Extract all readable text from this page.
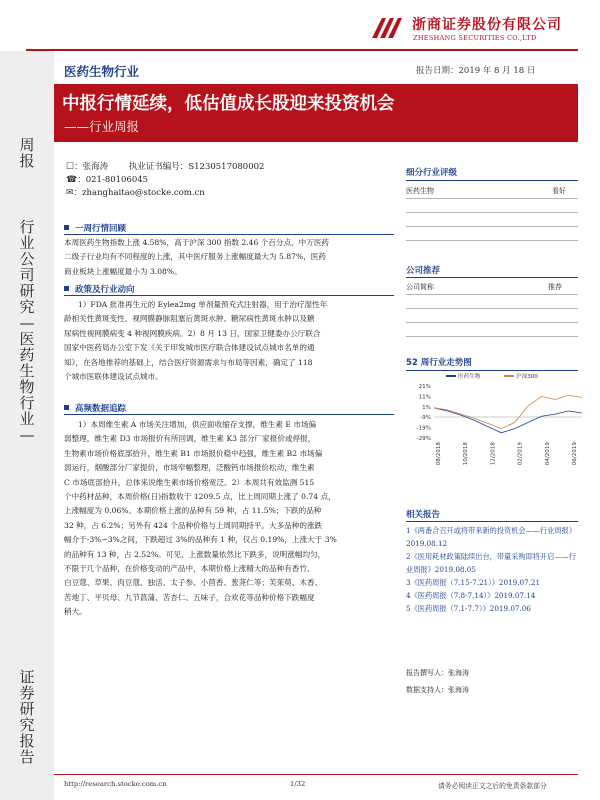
浙商证券股份有限公司
ZHESHANG SECURITIES CO.,LTD
周报
行业公司研究—医药生物行业—
证券研究报告
医药生物行业	报告日期：2019 年 8 月 18 日
中报行情延续，低估值成长股迎来投资机会
——行业周报
☐：张海涛 执业证书编号：S1230517080002
☎：021-80106045
✉：zhanghaitao@stocke.com.cn
一周行情回顾
本周医药生物指数上涨 4.58%，高于沪深 300 指数 2.46 个百分点，中万医药
二级子行业均有不同程度的上涨，其中医疗服务上涨幅度最大为 5.87%，医药
商业板块上涨幅度最小为 3.08%。
政策及行业动向
1）FDA 批准再生元的 Eylea2mg 单剂量预充式注射器，用于治疗湿性年
龄相关性黄斑变性、视网膜静脉阻塞后黄斑水肿、糖尿病性黄斑水肿以及糖
尿病性视网膜病变 4 种视网膜疾病。2）8 月 13 日，国家卫健委办公厅联合
国家中医药局办公室下发《关于印发城市医疗联合体建设试点城市名单的通
知》，在各地推荐的基础上，结合医疗资源需求与布局等因素，确定了 118
个城市医联体建设试点城市。
高频数据追踪
1）本周维生素 A 市场关注增加，供应面收缩存支撑，维生素 E 市场偏
弱整理，维生素 D3 市场报价有所回调，维生素 K3 部分厂家报价或停报，
生物素市场价格底部拾升，维生素 B1 市场报价稳中趋强，维生素 B2 市场偏
弱运行，烟酸部分厂家提价，市场窄幅整理，泛酸钙市场报价松动，维生素
C 市场底部拾升，总体来说维生素市场价格宽泛。2）本周共有效监测 515
个中药材品种，本周价格(日)指数收于 1209.5 点，比上周同期上涨了 0.74 点，
上涨幅度为 0.06%。本期价格上涨的品种有 59 种，占 11.5%；下跌的品种
32 种，占 6.2%；另外有 424 个品种价格与上周同期持平。大多品种的涨跌
幅介于-3%~3%之间，下跌超过 3%的品种有 1 种，仅占 0.19%，上涨大于 3%
的品种有 13 种，占 2.52%。可见，上涨数量依然比下跌多，说明涨幅均匀，
不限于几个品种，在价格变动的产品中，本期价格上涨精大的品种有香竹、
白豆蔻、草果、肉豆蔻、独活、太子参、小茴香、葱荛仁等；芙茱萸、木香、
苦地丁、平贝母、九节菖蒲、苦杏仁、五味子，合欢花等品种价格下跌幅度
稍大。
细分行业评级
医药生物	看好
公司推荐
公司简称	推荐
52 周行业走势图
医药生物	沪深300
21%
11%
1%
-9%
-19%
-29%
08/2018	10/2018	12/2018	02/2019	04/2019	06/2019
相关报告
1《两番合召开或将带来新的投资机会——行业周报》2019.08.12
2《医用耗材政策陆续出台，带量采购即将开启——行业周报》2019.08.05
3《医药周报（7.15-7.21）》2019.07.21
4《医药周报（7.8-7.14）》2019.07.14
5《医药周报（7.1-7.7）》2019.07.06
报告撰写人：张海涛
数据支持人：张海涛
http://research.stocke.com.cn	1/32	请务必阅读正文之后的免责条款部分
